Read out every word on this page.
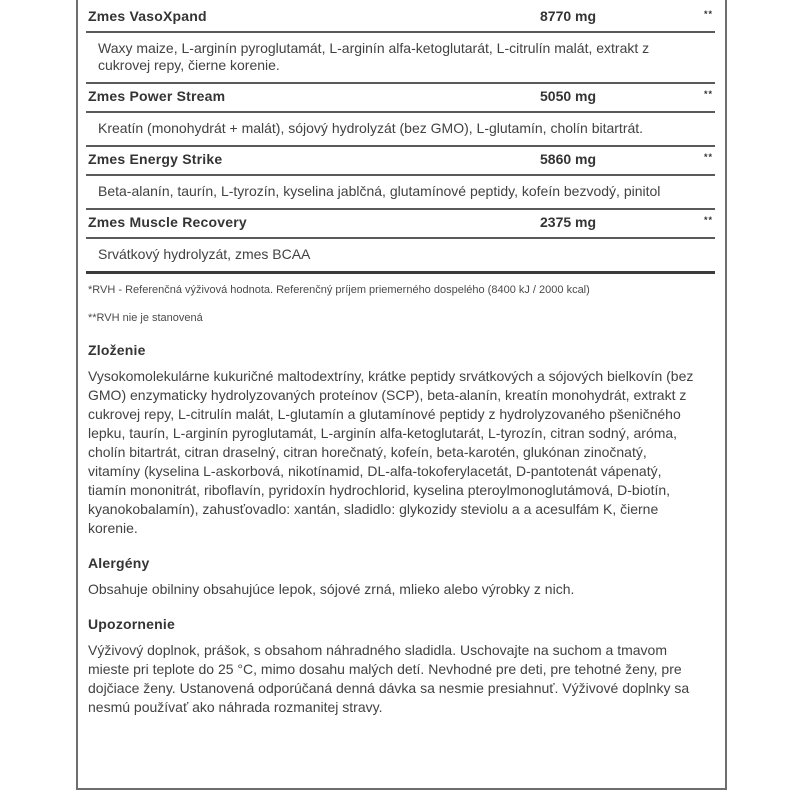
Zmes VasoXpand	8770 mg	**
Waxy maize, L-arginín pyroglutamát, L-arginín alfa-ketoglutarát, L-citrulín malát, extrakt z cukrovej repy, čierne korenie.
Zmes Power Stream	5050 mg	**
Kreatín (monohydrát + malát), sójový hydrolyzát (bez GMO), L-glutamín, cholín bitartrát.
Zmes Energy Strike	5860 mg	**
Beta-alanín, taurín, L-tyrozín, kyselina jablčná, glutamínové peptidy, kofeín bezvodý, pinitol
Zmes Muscle Recovery	2375 mg	**
Srvátkový hydrolyzát, zmes BCAA
*RVH - Referenčná výživová hodnota. Referenčný príjem priemerného dospelého (8400 kJ / 2000 kcal)
**RVH nie je stanovená
Zloženie
Vysokomolekulárne kukuričné maltodextríny, krátke peptidy srvátkových a sójových bielkovín (bez GMO) enzymaticky hydrolyzovaných proteínov (SCP), beta-alanín, kreatín monohydrát, extrakt z cukrovej repy, L-citrulín malát, L-glutamín a glutamínové peptidy z hydrolyzovaného pšeničného lepku, taurín, L-arginín pyroglutamát, L-arginín alfa-ketoglutarát, L-tyrozín, citran sodný, aróma, cholín bitartrát, citran draselný, citran horečnatý, kofeín, beta-karotén, glukónan zinočnatý, vitamíny (kyselina L-askorbová, nikotínamid, DL-alfa-tokoferylacetát, D-pantotenát vápenatý, tiamín mononitrát, riboflavín, pyridoxín hydrochlorid, kyselina pteroylmonoglutámová, D-biotín, kyanokobalamín), zahusťovadlo: xantán, sladidlo: glykozidy steviolu a a acesulfám K, čierne korenie.
Alergény
Obsahuje obilniny obsahujúce lepok, sójové zrná, mlieko alebo výrobky z nich.
Upozornenie
Výživový doplnok, prášok, s obsahom náhradného sladidla. Uschovajte na suchom a tmavom mieste pri teplote do 25 °C, mimo dosahu malých detí. Nevhodné pre deti, pre tehotné ženy, pre dojčiace ženy. Ustanovená odporúčaná denná dávka sa nesmie presiahnuť. Výživové doplnky sa nesmú používať ako náhrada rozmanitej stravy.
